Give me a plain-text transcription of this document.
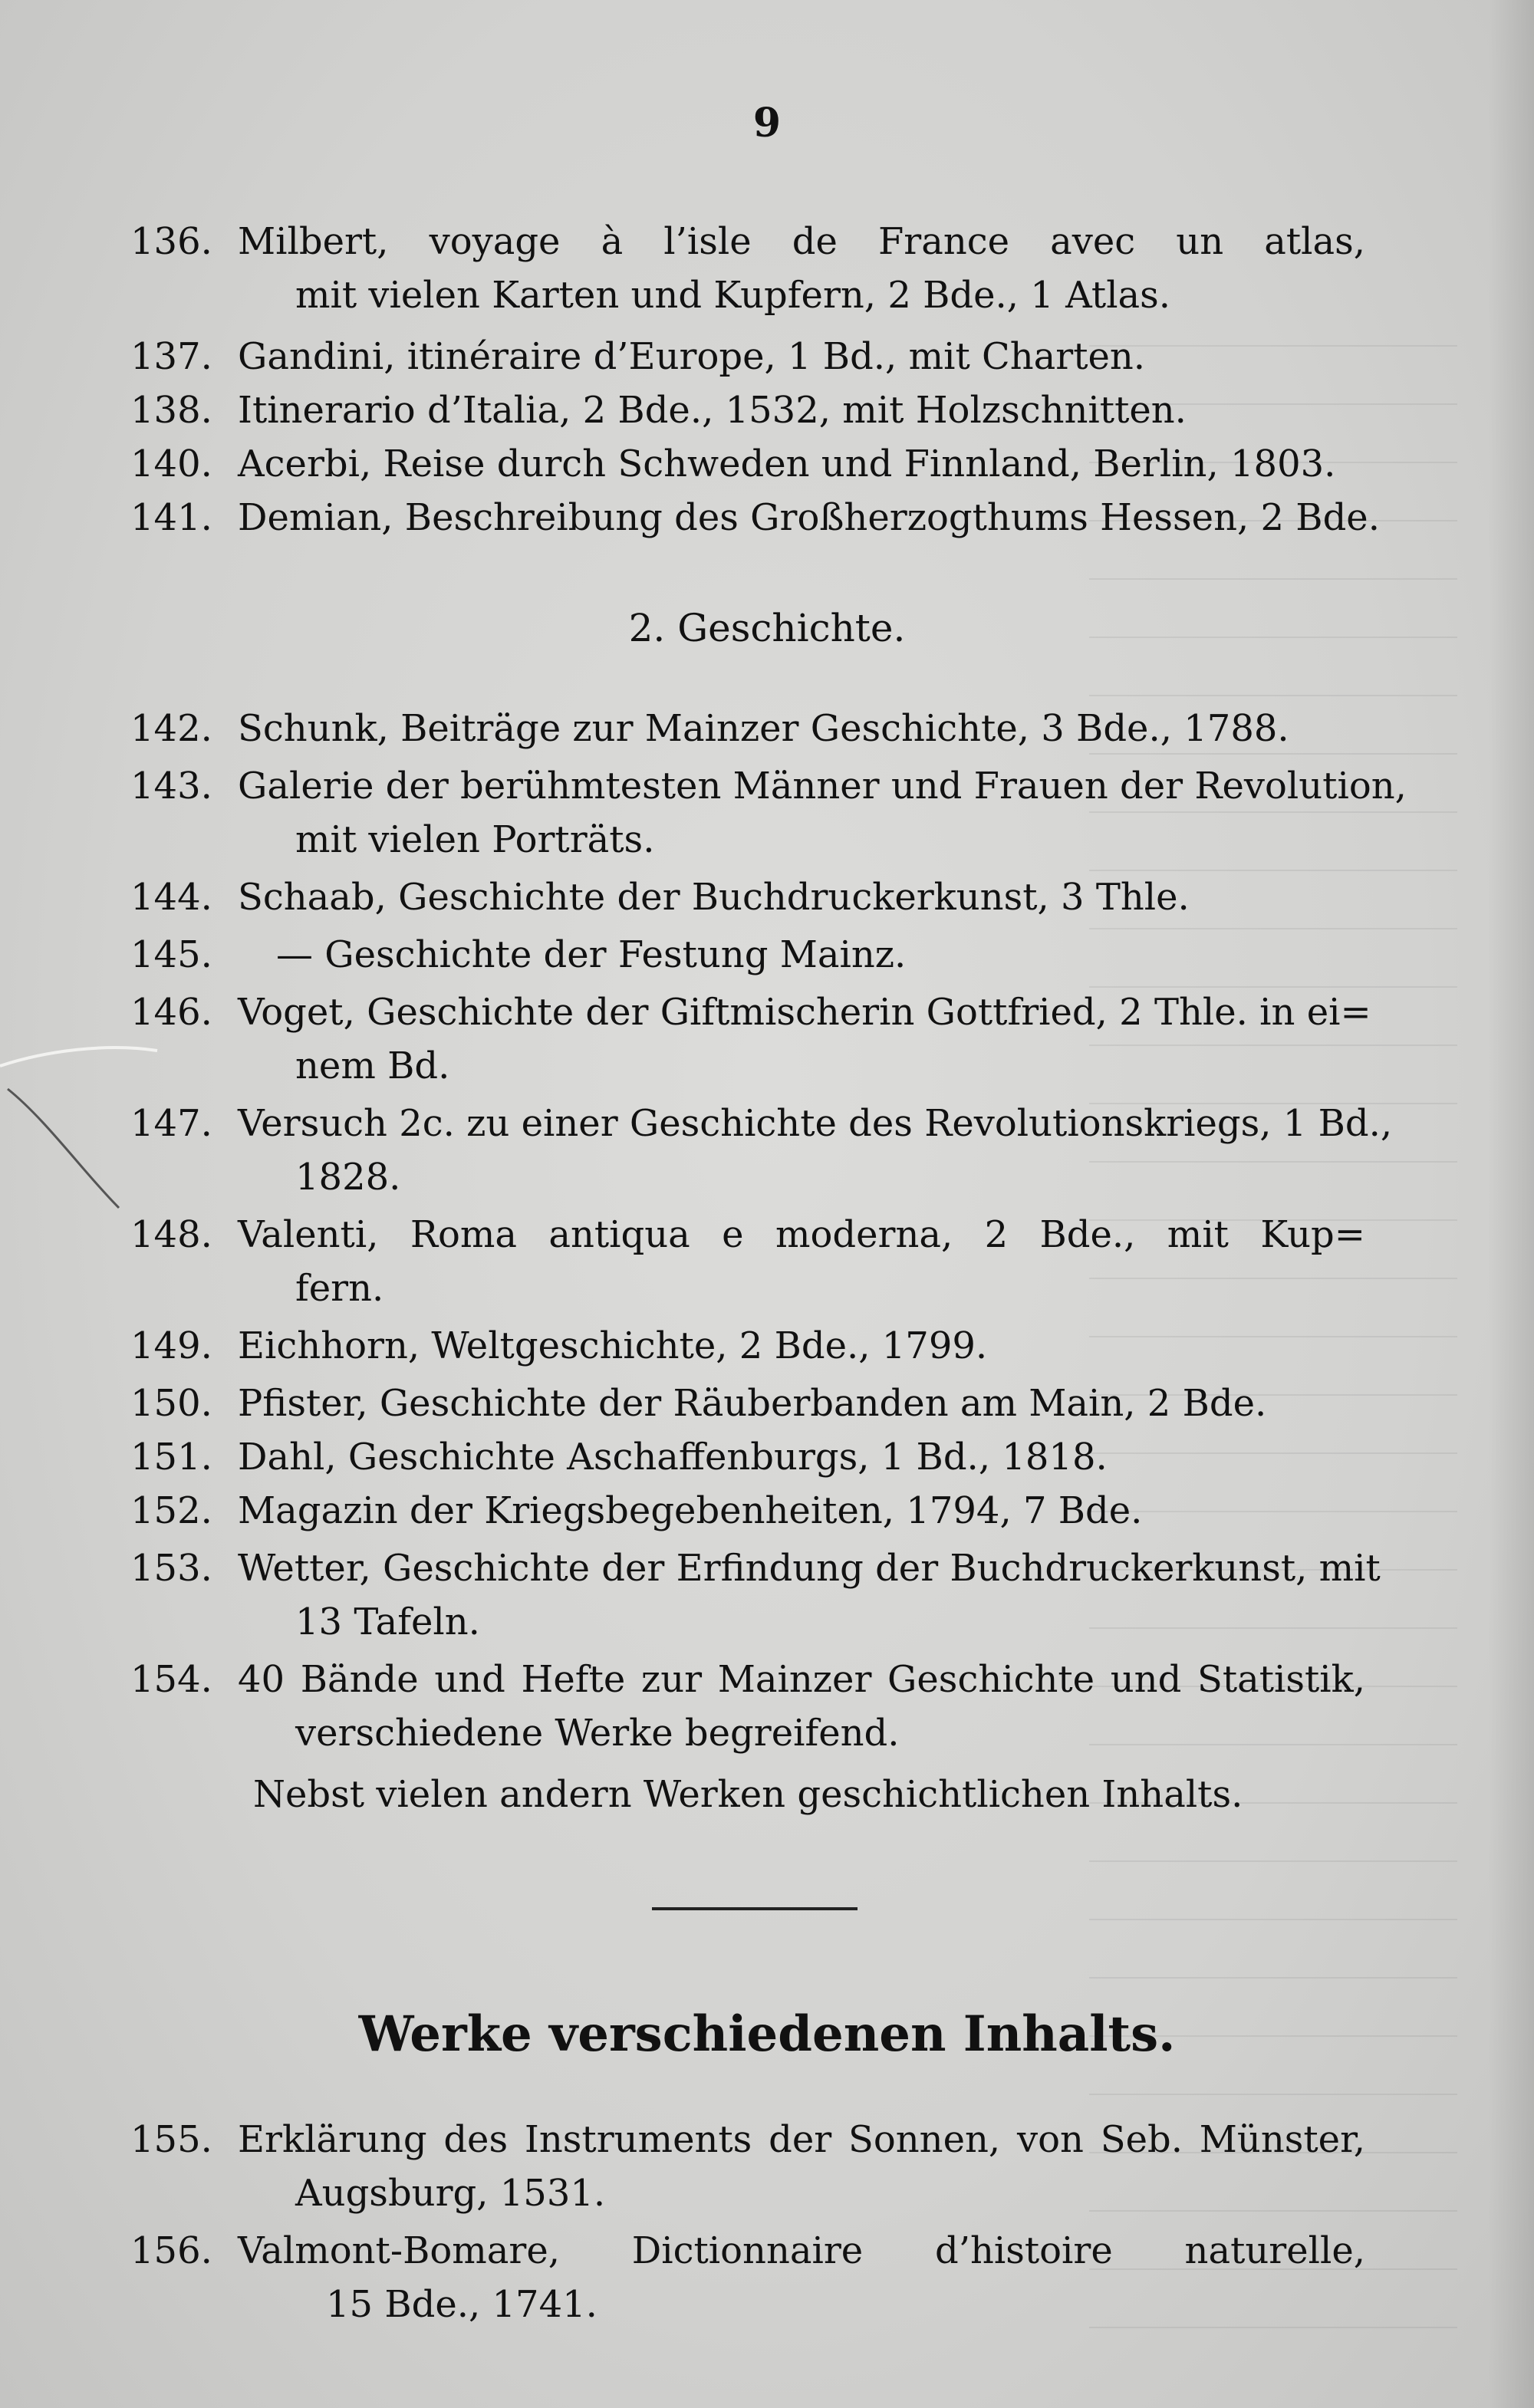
9
136. Milbert, voyage à l’isle de France avec un atlas,
mit vielen Karten und Kupfern, 2 Bde., 1 Atlas.
137. Gandini, itinéraire d’Europe, 1 Bd., mit Charten.
138. Itinerario d’Italia, 2 Bde., 1532, mit Holzschnitten.
140. Acerbi, Reise durch Schweden und Finnland, Berlin, 1803.
141. Demian, Beschreibung des Großherzogthums Hessen, 2 Bde.
2. Geschichte.
142. Schunk, Beiträge zur Mainzer Geschichte, 3 Bde., 1788.
143. Galerie der berühmtesten Männer und Frauen der Revolution,
mit vielen Porträts.
144. Schaab, Geschichte der Buchdruckerkunst, 3 Thle.
145.	— Geschichte der Festung Mainz.
146. Voget, Geschichte der Giftmischerin Gottfried, 2 Thle. in ei=
nem Bd.
147. Versuch 2c. zu einer Geschichte des Revolutionskriegs, 1 Bd.,
1828.
148. Valenti, Roma antiqua e moderna, 2 Bde., mit Kup=
fern.
149. Eichhorn, Weltgeschichte, 2 Bde., 1799.
150. Pfister, Geschichte der Räuberbanden am Main, 2 Bde.
151. Dahl, Geschichte Aschaffenburgs, 1 Bd., 1818.
152. Magazin der Kriegsbegebenheiten, 1794, 7 Bde.
153. Wetter, Geschichte der Erfindung der Buchdruckerkunst, mit
13 Tafeln.
154. 40 Bände und Hefte zur Mainzer Geschichte und Statistik,
verschiedene Werke begreifend.
Nebst vielen andern Werken geschichtlichen Inhalts.
Werke verschiedenen Inhalts.
155. Erklärung des Instruments der Sonnen, von Seb. Münster,
Augsburg, 1531.
156. Valmont-Bomare, Dictionnaire d’histoire naturelle,
15 Bde., 1741.
